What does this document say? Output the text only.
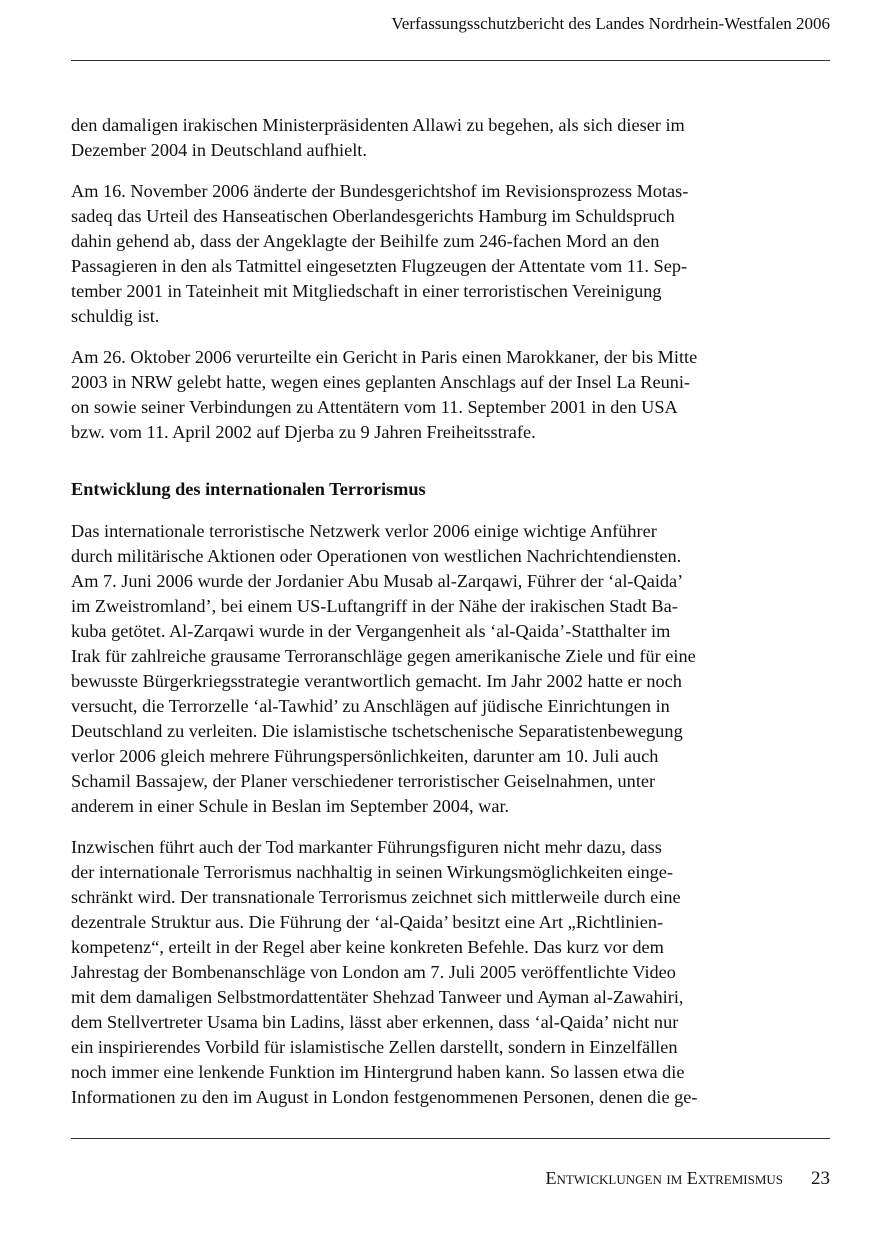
Verfassungsschutzbericht des Landes Nordrhein-Westfalen 2006
den damaligen irakischen Ministerpräsidenten Allawi zu begehen, als sich dieser im
Dezember 2004 in Deutschland aufhielt.
Am 16. November 2006 änderte der Bundesgerichtshof im Revisionsprozess Motas-
sadeq das Urteil des Hanseatischen Oberlandesgerichts Hamburg im Schuldspruch
dahin gehend ab, dass der Angeklagte der Beihilfe zum 246-fachen Mord an den
Passagieren in den als Tatmittel eingesetzten Flugzeugen der Attentate vom 11. Sep-
tember 2001 in Tateinheit mit Mitgliedschaft in einer terroristischen Vereinigung
schuldig ist.
Am 26. Oktober 2006 verurteilte ein Gericht in Paris einen Marokkaner, der bis Mitte
2003 in NRW gelebt hatte, wegen eines geplanten Anschlags auf der Insel La Reuni-
on sowie seiner Verbindungen zu Attentätern vom 11. September 2001 in den USA
bzw. vom 11. April 2002 auf Djerba zu 9 Jahren Freiheitsstrafe.
Entwicklung des internationalen Terrorismus
Das internationale terroristische Netzwerk verlor 2006 einige wichtige Anführer
durch militärische Aktionen oder Operationen von westlichen Nachrichtendiensten.
Am 7. Juni 2006 wurde der Jordanier Abu Musab al-Zarqawi, Führer der ‘al-Qaida’
im Zweistromland’, bei einem US-Luftangriff in der Nähe der irakischen Stadt Ba-
kuba getötet. Al-Zarqawi wurde in der Vergangenheit als ‘al-Qaida’-Statthalter im
Irak für zahlreiche grausame Terroranschläge gegen amerikanische Ziele und für eine
bewusste Bürgerkriegsstrategie verantwortlich gemacht. Im Jahr 2002 hatte er noch
versucht, die Terrorzelle ‘al-Tawhid’ zu Anschlägen auf jüdische Einrichtungen in
Deutschland zu verleiten. Die islamistische tschetschenische Separatistenbewegung
verlor 2006 gleich mehrere Führungspersönlichkeiten, darunter am 10. Juli auch
Schamil Bassajew, der Planer verschiedener terroristischer Geiselnahmen, unter
anderem in einer Schule in Beslan im September 2004, war.
Inzwischen führt auch der Tod markanter Führungsfiguren nicht mehr dazu, dass
der internationale Terrorismus nachhaltig in seinen Wirkungsmöglichkeiten einge-
schränkt wird. Der transnationale Terrorismus zeichnet sich mittlerweile durch eine
dezentrale Struktur aus. Die Führung der ‘al-Qaida’ besitzt eine Art „Richtlinien-
kompetenz“, erteilt in der Regel aber keine konkreten Befehle. Das kurz vor dem
Jahrestag der Bombenanschläge von London am 7. Juli 2005 veröffentlichte Video
mit dem damaligen Selbstmordattentäter Shehzad Tanweer und Ayman al-Zawahiri,
dem Stellvertreter Usama bin Ladins, lässt aber erkennen, dass ‘al-Qaida’ nicht nur
ein inspirierendes Vorbild für islamistische Zellen darstellt, sondern in Einzelfällen
noch immer eine lenkende Funktion im Hintergrund haben kann. So lassen etwa die
Informationen zu den im August in London festgenommenen Personen, denen die ge-
Entwicklungen im Extremismus 23
